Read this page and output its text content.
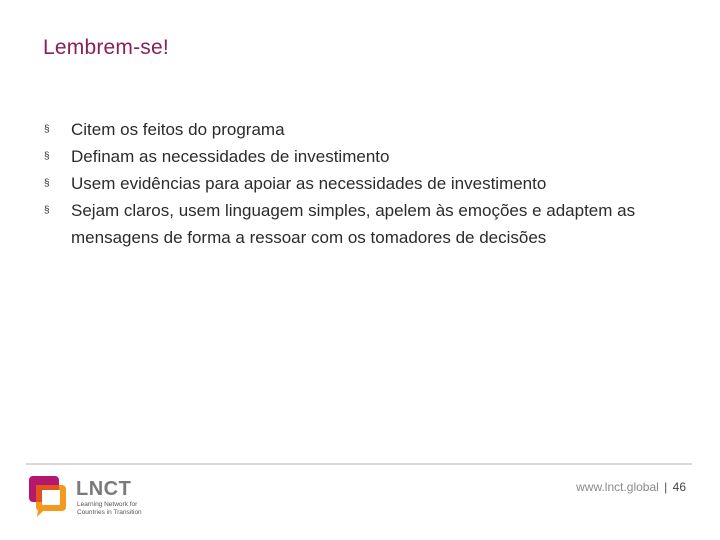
Lembrem-se!
§ Citem os feitos do programa
§ Definam as necessidades de investimento
§ Usem evidências para apoiar as necessidades de investimento
§ Sejam claros, usem linguagem simples, apelem às emoções e adaptem as mensagens de forma a ressoar com os tomadores de decisões
LNCT
Learning Network for
Countries in Transition
www.lnct.global | 46
